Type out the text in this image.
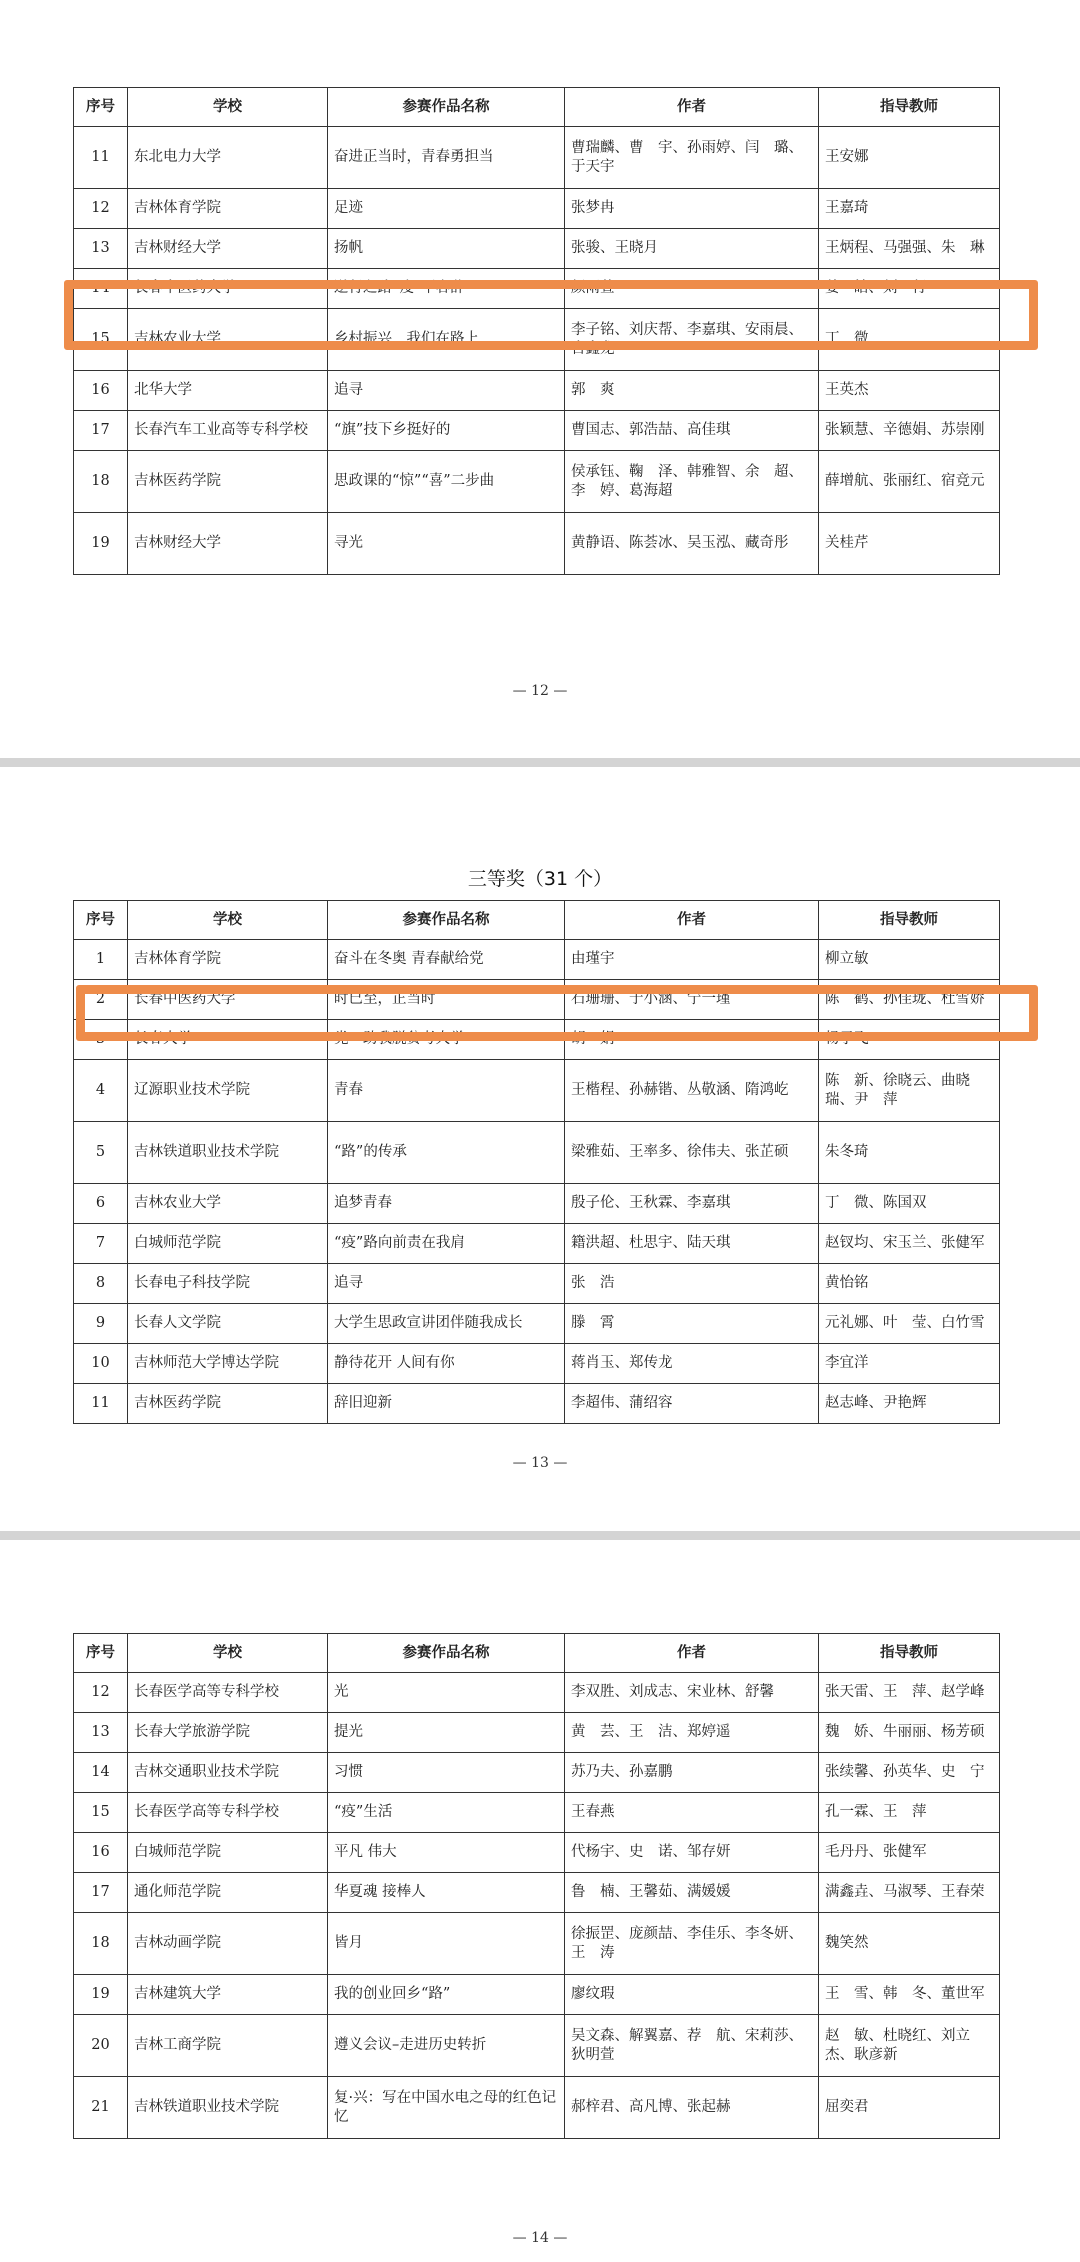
序号	学校	参赛作品名称	作者	指导教师
11	东北电力大学	奋进正当时，青春勇担当	曹瑞麟、曹　宇、孙雨婷、闫　璐、于天宇	王安娜
12	吉林体育学院	足迹	张梦冉	王嘉琦
13	吉林财经大学	扬帆	张骏、王晓月	王炳程、马强强、朱　琳
14	长春中医药大学	逆行之路“疫”不容辞	颜雨萱	姜　皓、刘　行
15	吉林农业大学	乡村振兴，我们在路上	李子铭、刘庆帮、李嘉琪、安雨晨、吉鑫龙	丁　微
16	北华大学	追寻	郭　爽	王英杰
17	长春汽车工业高等专科学校	“旗”技下乡挺好的	曹国志、郭浩喆、高佳琪	张颖慧、辛德娟、苏崇刚
18	吉林医药学院	思政课的“惊”“喜”二步曲	侯承钰、鞠　泽、韩雅智、余　超、李　婷、葛海超	薛增航、张丽红、宿竞元
19	吉林财经大学	寻光	黄静语、陈荟冰、吴玉泓、藏奇彤	关桂芹
— 12 —
三等奖（31 个）
序号	学校	参赛作品名称	作者	指导教师
1	吉林体育学院	奋斗在冬奥 青春献给党	由瑾宇	柳立敏
2	长春中医药大学	时已至，正当时	石珊珊、于小涵、宁一瑾	陈　鹤、孙佳珑、杜雪娇
3	长春大学	党　助我脱贫考大学	胡　娟	杨子飞
4	辽源职业技术学院	青春	王楷程、孙赫锴、丛敬涵、隋鸿屹	陈　新、徐晓云、曲晓瑞、尹　萍
5	吉林铁道职业技术学院	“路”的传承	梁雅茹、王率多、徐伟夫、张芷硕	朱冬琦
6	吉林农业大学	追梦青春	殷子伦、王秋霖、李嘉琪	丁　微、陈国双
7	白城师范学院	“疫”路向前责在我肩	籍洪超、杜思宇、陆天琪	赵钗均、宋玉兰、张健军
8	长春电子科技学院	追寻	张　浩	黄怡铭
9	长春人文学院	大学生思政宣讲团伴随我成长	滕　霄	元礼娜、叶　莹、白竹雪
10	吉林师范大学博达学院	静待花开 人间有你	蒋肖玉、郑传龙	李宜洋
11	吉林医药学院	辞旧迎新	李超伟、蒲绍容	赵志峰、尹艳辉
— 13 —
序号	学校	参赛作品名称	作者	指导教师
12	长春医学高等专科学校	光	李双胜、刘成志、宋业林、舒馨	张天雷、王　萍、赵学峰
13	长春大学旅游学院	提光	黄　芸、王　洁、郑婷遥	魏　娇、牛丽丽、杨芳硕
14	吉林交通职业技术学院	习惯	苏乃夫、孙嘉鹏	张续馨、孙英华、史　宁
15	长春医学高等专科学校	“疫”生活	王春燕	孔一霖、王　萍
16	白城师范学院	平凡 伟大	代杨宇、史　诺、邹存妍	毛丹丹、张健军
17	通化师范学院	华夏魂 接棒人	鲁　楠、王馨茹、满媛媛	满鑫垚、马淑琴、王春荣
18	吉林动画学院	皆月	徐振罡、庞颜喆、李佳乐、李冬妍、王　涛	魏笑然
19	吉林建筑大学	我的创业回乡“路”	廖纹瑕	王　雪、韩　冬、董世军
20	吉林工商学院	遵义会议–走进历史转折	吴文森、解翼嘉、荐　航、宋莉莎、狄明萱	赵　敏、杜晓红、刘立杰、耿彦新
21	吉林铁道职业技术学院	复·兴：写在中国水电之母的红色记忆	郝梓君、高凡博、张起赫	屈奕君
— 14 —
